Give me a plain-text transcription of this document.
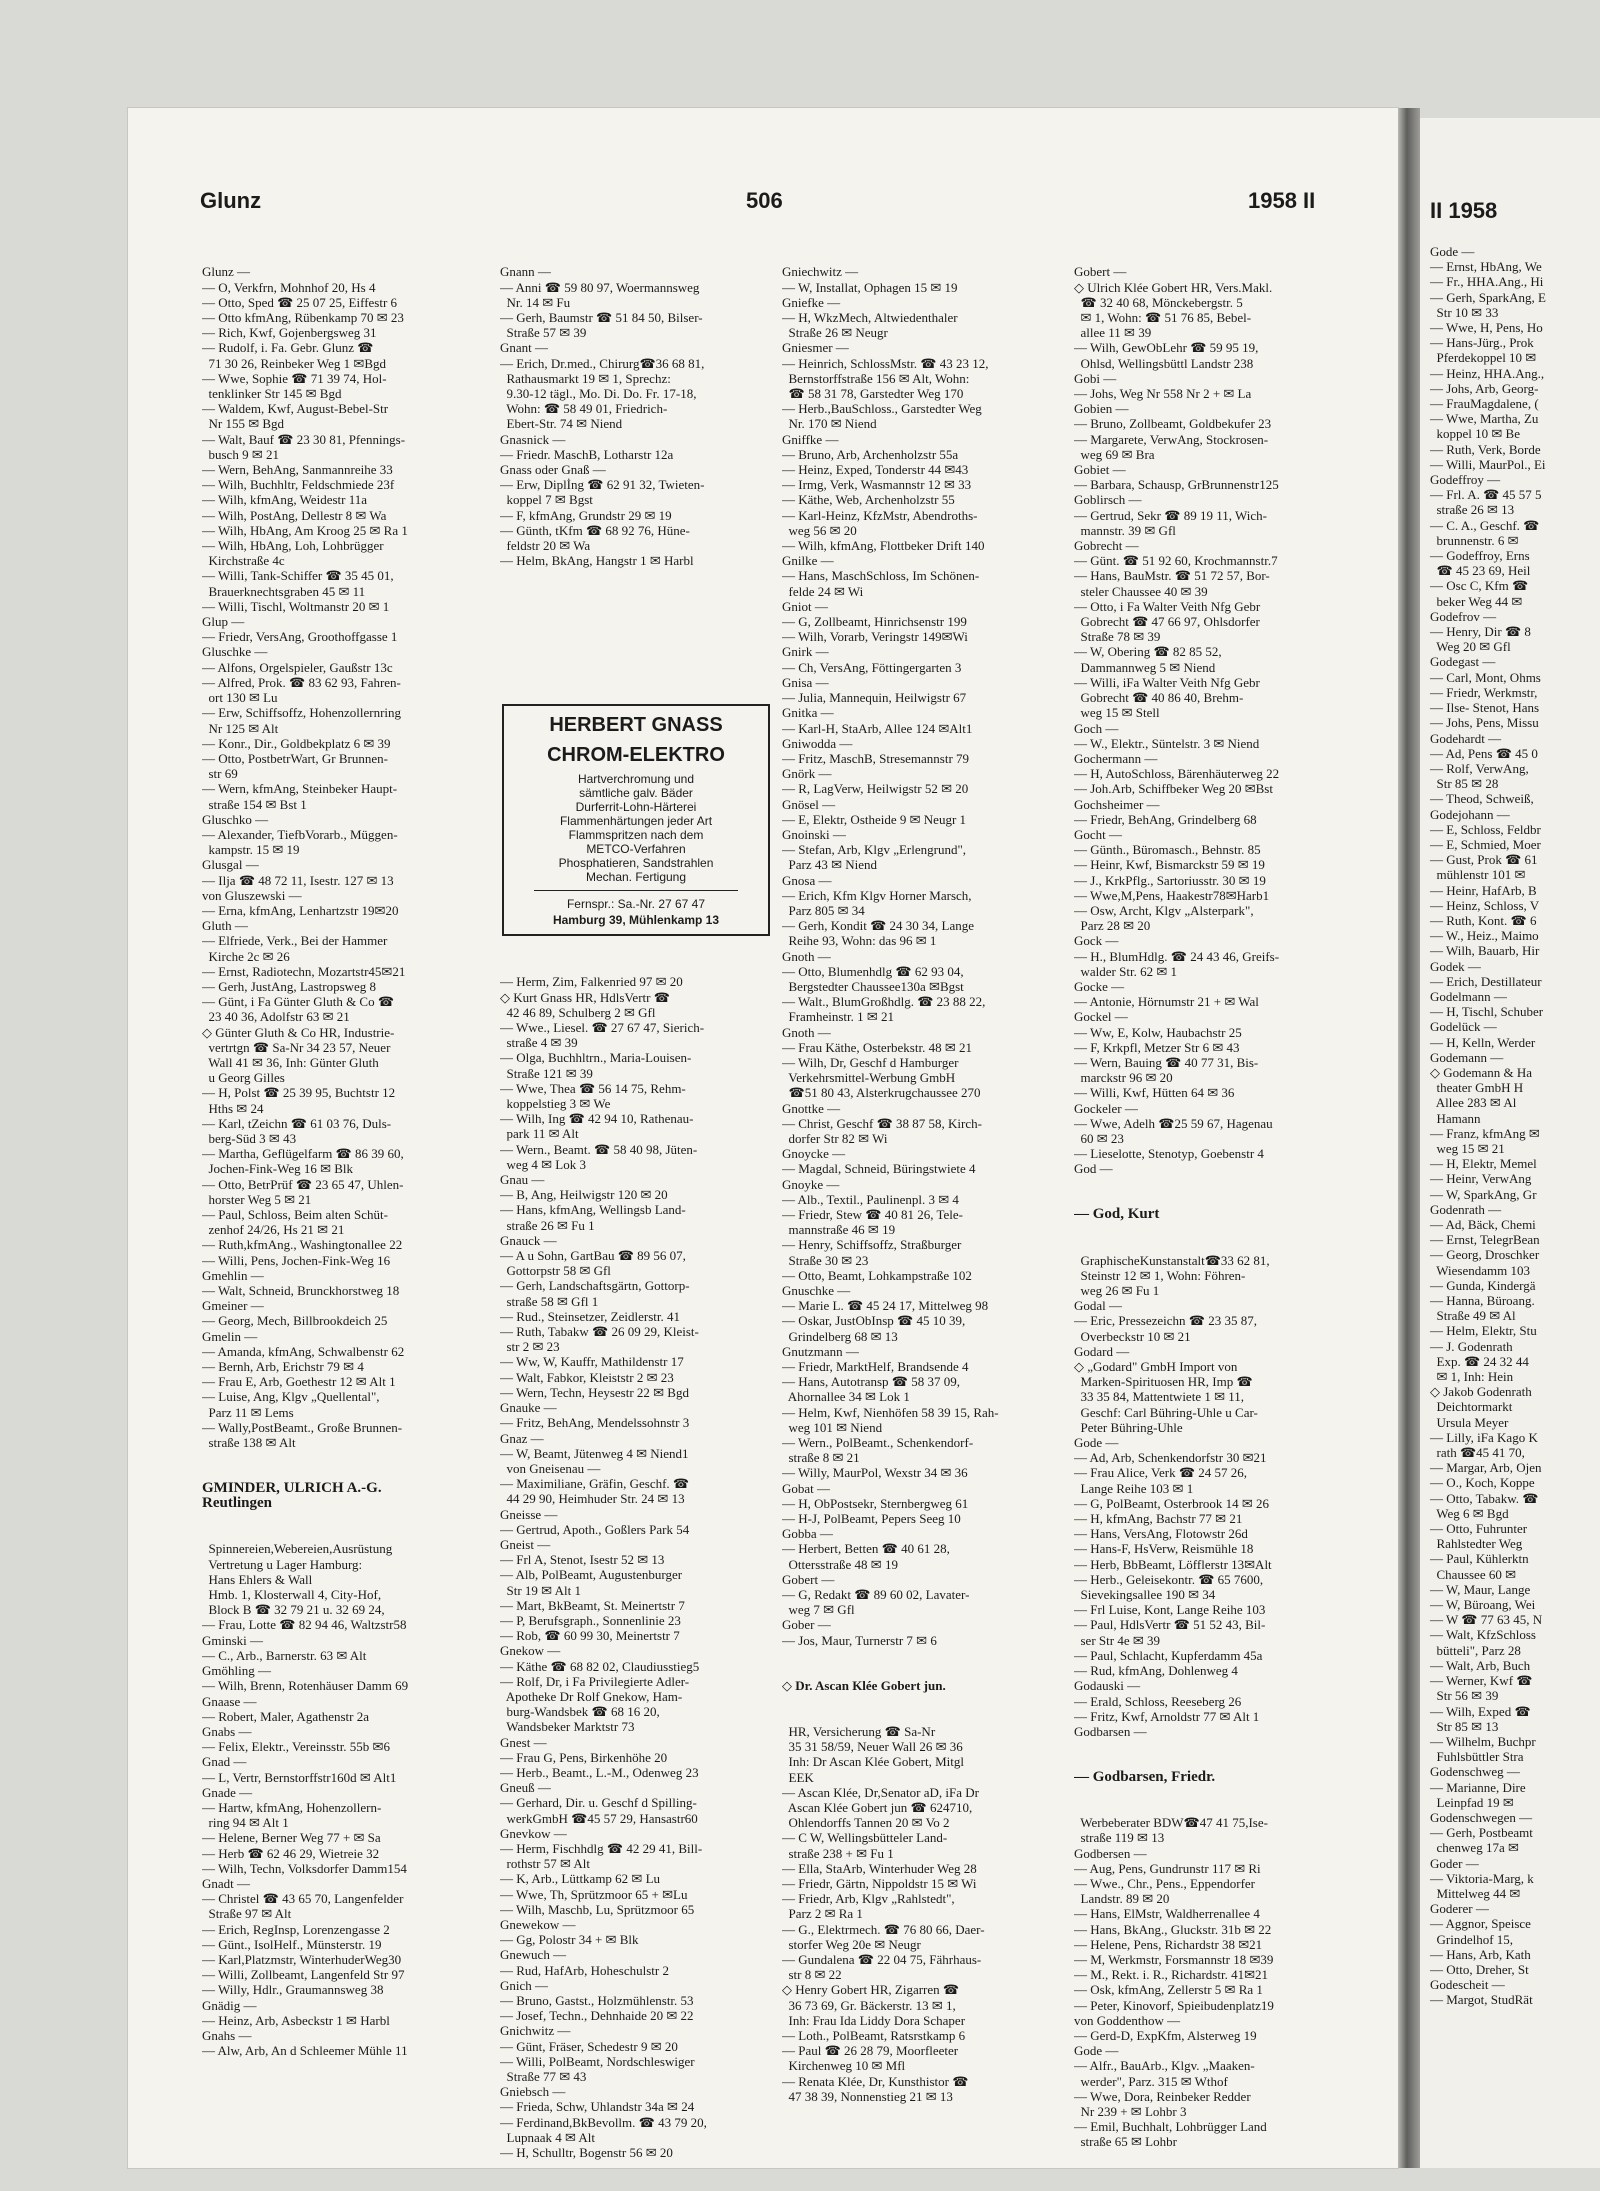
Glunz	506	1958 II

Glunz —
— O, Verkfrn, Mohnhof 20, Hs 4
— Otto, Sped ☎ 25 07 25, Eiffestr 6
— Otto kfmAng, Rübenkamp 70 ✉ 23
— Rich, Kwf, Gojenbergsweg 31
— Rudolf, i. Fa. Gebr. Glunz ☎
71 30 26, Reinbeker Weg 1 ✉Bgd
— Wwe, Sophie ☎ 71 39 74, Hol-
tenklinker Str 145 ✉ Bgd
— Waldem, Kwf, August-Bebel-Str
Nr 155 ✉ Bgd
— Walt, Bauf ☎ 23 30 81, Pfennings-
busch 9 ✉ 21
— Wern, BehAng, Sanmannreihe 33
— Wilh, Buchhltr, Feldschmiede 23f
— Wilh, kfmAng, Weidestr 11a
— Wilh, PostAng, Dellestr 8 ✉ Wa
— Wilh, HbAng, Am Kroog 25 ✉ Ra 1
— Wilh, HbAng, Loh, Lohbrügger
Kirchstraße 4c
— Willi, Tank-Schiffer ☎ 35 45 01,
Brauerknechtsgraben 45 ✉ 11
— Willi, Tischl, Woltmanstr 20 ✉ 1
Glup —
— Friedr, VersAng, Groothoffgasse 1
Gluschke —
— Alfons, Orgelspieler, Gaußstr 13c
— Alfred, Prok. ☎ 83 62 93, Fahren-
ort 130 ✉ Lu
— Erw, Schiffsoffz, Hohenzollernring
Nr 125 ✉ Alt
— Konr., Dir., Goldbekplatz 6 ✉ 39
— Otto, PostbetrWart, Gr Brunnen-
str 69
— Wern, kfmAng, Steinbeker Haupt-
straße 154 ✉ Bst 1
Gluschko —
— Alexander, TiefbVorarb., Müggen-
kampstr. 15 ✉ 19
Glusgal —
— Ilja ☎ 48 72 11, Isestr. 127 ✉ 13
von Gluszewski —
— Erna, kfmAng, Lenhartzstr 19✉20
Gluth —
— Elfriede, Verk., Bei der Hammer
Kirche 2c ✉ 26
— Ernst, Radiotechn, Mozartstr45✉21
— Gerh, JustAng, Lastropsweg 8
— Günt, i Fa Günter Gluth & Co ☎
23 40 36, Adolfstr 63 ✉ 21
◇ Günter Gluth & Co HR, Industrie-
vertrtgn ☎ Sa-Nr 34 23 57, Neuer
Wall 41 ✉ 36, Inh: Günter Gluth
u Georg Gilles
— H, Polst ☎ 25 39 95, Buchtstr 12
Hths ✉ 24
— Karl, tZeichn ☎ 61 03 76, Duls-
berg-Süd 3 ✉ 43
— Martha, Geflügelfarm ☎ 86 39 60,
Jochen-Fink-Weg 16 ✉ Blk
— Otto, BetrPrüf ☎ 23 65 47, Uhlen-
horster Weg 5 ✉ 21
— Paul, Schloss, Beim alten Schüt-
zenhof 24/26, Hs 21 ✉ 21
— Ruth,kfmAng., Washingtonallee 22
— Willi, Pens, Jochen-Fink-Weg 16
Gmehlin —
— Walt, Schneid, Brunckhorstweg 18
Gmeiner —
— Georg, Mech, Billbrookdeich 25
Gmelin —
— Amanda, kfmAng, Schwalbenstr 62
— Bernh, Arb, Erichstr 79 ✉ 4
— Frau E, Arb, Goethestr 12 ✉ Alt 1
— Luise, Ang, Klgv „Quellental",
Parz 11 ✉ Lems
— Wally,PostBeamt., Große Brunnen-
straße 138 ✉ Alt

GMINDER, ULRICH A.-G.
Reutlingen

Spinnereien,Webereien,Ausrüstung
Vertretung u Lager Hamburg:
Hans Ehlers & Wall
Hmb. 1, Klosterwall 4, City-Hof,
Block B ☎ 32 79 21 u. 32 69 24,
— Frau, Lotte ☎ 82 94 46, Waltzstr58
Gminski —
— C., Arb., Barnerstr. 63 ✉ Alt
Gmöhling —
— Wilh, Brenn, Rotenhäuser Damm 69
Gnaase —
— Robert, Maler, Agathenstr 2a
Gnabs —
— Felix, Elektr., Vereinsstr. 55b ✉6
Gnad —
— L, Vertr, Bernstorffstr160d ✉ Alt1
Gnade —
— Hartw, kfmAng, Hohenzollern-
ring 94 ✉ Alt 1
— Helene, Berner Weg 77 + ✉ Sa
— Herb ☎ 62 46 29, Wietreie 32
— Wilh, Techn, Volksdorfer Damm154
Gnadt —
— Christel ☎ 43 65 70, Langenfelder
Straße 97 ✉ Alt
— Erich, RegInsp, Lorenzengasse 2
— Günt., IsolHelf., Münsterstr. 19
— Karl,Platzmstr, WinterhuderWeg30
— Willi, Zollbeamt, Langenfeld Str 97
— Willy, Hdlr., Graumannsweg 38
Gnädig —
— Heinz, Arb, Asbeckstr 1 ✉ Harbl
Gnahs —
— Alw, Arb, An d Schleemer Mühle 11

Gnann —
— Anni ☎ 59 80 97, Woermannsweg
Nr. 14 ✉ Fu
— Gerh, Baumstr ☎ 51 84 50, Bilser-
Straße 57 ✉ 39
Gnant —
— Erich, Dr.med., Chirurg☎36 68 81,
Rathausmarkt 19 ✉ 1, Sprechz:
9.30-12 tägl., Mo. Di. Do. Fr. 17-18,
Wohn: ☎ 58 49 01, Friedrich-
Ebert-Str. 74 ✉ Niend
Gnasnick —
— Friedr. MaschB, Lotharstr 12a
Gnass oder Gnaß —
— Erw, Diplİng ☎ 62 91 32, Twieten-
koppel 7 ✉ Bgst
— F, kfmAng, Grundstr 29 ✉ 19
— Günth, tKfm ☎ 68 92 76, Hüne-
feldstr 20 ✉ Wa
— Helm, BkAng, Hangstr 1 ✉ Harbl

HERBERT GNASS
CHROM-ELEKTRO
Hartverchromung und
sämtliche galv. Bäder
Durferrit-Lohn-Härterei
Flammenhärtungen jeder Art
Flammspritzen nach dem
METCO-Verfahren
Phosphatieren, Sandstrahlen
Mechan. Fertigung
Fernspr.: Sa.-Nr. 27 67 47
Hamburg 39, Mühlenkamp 13

— Herm, Zim, Falkenried 97 ✉ 20
◇ Kurt Gnass HR, HdlsVertr ☎
42 46 89, Schulberg 2 ✉ Gfl
— Wwe., Liesel. ☎ 27 67 47, Sierich-
straße 4 ✉ 39
— Olga, Buchhltrn., Maria-Louisen-
Straße 121 ✉ 39
— Wwe, Thea ☎ 56 14 75, Rehm-
koppelstieg 3 ✉ We
— Wilh, Ing ☎ 42 94 10, Rathenau-
park 11 ✉ Alt
— Wern., Beamt. ☎ 58 40 98, Jüten-
weg 4 ✉ Lok 3
Gnau —
— B, Ang, Heilwigstr 120 ✉ 20
— Hans, kfmAng, Wellingsb Land-
straße 26 ✉ Fu 1
Gnauck —
— A u Sohn, GartBau ☎ 89 56 07,
Gottorpstr 58 ✉ Gfl
— Gerh, Landschaftsgärtn, Gottorp-
straße 58 ✉ Gfl 1
— Rud., Steinsetzer, Zeidlerstr. 41
— Ruth, Tabakw ☎ 26 09 29, Kleist-
str 2 ✉ 23
— Ww, W, Kauffr, Mathildenstr 17
— Walt, Fabkor, Kleiststr 2 ✉ 23
— Wern, Techn, Heysestr 22 ✉ Bgd
Gnauke —
— Fritz, BehAng, Mendelssohnstr 3
Gnaz —
— W, Beamt, Jütenweg 4 ✉ Niend1
von Gneisenau —
— Maximiliane, Gräfin, Geschf. ☎
44 29 90, Heimhuder Str. 24 ✉ 13
Gneisse —
— Gertrud, Apoth., Goßlers Park 54
Gneist —
— Frl A, Stenot, Isestr 52 ✉ 13
— Alb, PolBeamt, Augustenburger
Str 19 ✉ Alt 1
— Mart, BkBeamt, St. Meinertstr 7
— P, Berufsgraph., Sonnenlinie 23
— Rob, ☎ 60 99 30, Meinertstr 7
Gnekow —
— Käthe ☎ 68 82 02, Claudiusstieg5
— Rolf, Dr, i Fa Privilegierte Adler-
Apotheke Dr Rolf Gnekow, Ham-
burg-Wandsbek ☎ 68 16 20,
Wandsbeker Marktstr 73
Gnest —
— Frau G, Pens, Birkenhöhe 20
— Herb., Beamt., L.-M., Odenweg 23
Gneuß —
— Gerhard, Dir. u. Geschf d Spilling-
werkGmbH ☎45 57 29, Hansastr60
Gnevkow —
— Herm, Fischhdlg ☎ 42 29 41, Bill-
rothstr 57 ✉ Alt
— K, Arb., Lüttkamp 62 ✉ Lu
— Wwe, Th, Sprützmoor 65 + ✉Lu
— Wilh, Maschb, Lu, Sprützmoor 65
Gnewekow —
— Gg, Polostr 34 + ✉ Blk
Gnewuch —
— Rud, HafArb, Hoheschulstr 2
Gnich —
— Bruno, Gastst., Holzmühlenstr. 53
— Josef, Techn., Dehnhaide 20 ✉ 22
Gnichwitz —
— Günt, Fräser, Schedestr 9 ✉ 20
— Willi, PolBeamt, Nordschleswiger
Straße 77 ✉ 43
Gniebsch —
— Frieda, Schw, Uhlandstr 34a ✉ 24
— Ferdinand,BkBevollm. ☎ 43 79 20,
Lupnaak 4 ✉ Alt
— H, Schulltr, Bogenstr 56 ✉ 20

Gniechwitz —
— W, Installat, Ophagen 15 ✉ 19
Gniefke —
— H, WkzMech, Altwiedenthaler
Straße 26 ✉ Neugr
Gniesmer —
— Heinrich, SchlossMstr. ☎ 43 23 12,
Bernstorffstraße 156 ✉ Alt, Wohn:
☎ 58 31 78, Garstedter Weg 170
— Herb.,BauSchloss., Garstedter Weg
Nr. 170 ✉ Niend
Gniffke —
— Bruno, Arb, Archenholzstr 55a
— Heinz, Exped, Tonderstr 44 ✉43
— Irmg, Verk, Wasmannstr 12 ✉ 33
— Käthe, Web, Archenholzstr 55
— Karl-Heinz, KfzMstr, Abendroths-
weg 56 ✉ 20
— Wilh, kfmAng, Flottbeker Drift 140
Gnilke —
— Hans, MaschSchloss, Im Schönen-
felde 24 ✉ Wi
Gniot —
— G, Zollbeamt, Hinrichsenstr 199
— Wilh, Vorarb, Veringstr 149✉Wi
Gnirk —
— Ch, VersAng, Föttingergarten 3
Gnisa —
— Julia, Mannequin, Heilwigstr 67
Gnitka —
— Karl-H, StaArb, Allee 124 ✉Alt1
Gniwodda —
— Fritz, MaschB, Stresemannstr 79
Gnörk —
— R, LagVerw, Heilwigstr 52 ✉ 20
Gnösel —
— E, Elektr, Ostheide 9 ✉ Neugr 1
Gnoinski —
— Stefan, Arb, Klgv „Erlengrund",
Parz 43 ✉ Niend
Gnosa —
— Erich, Kfm Klgv Horner Marsch,
Parz 805 ✉ 34
— Gerh, Kondit ☎ 24 30 34, Lange
Reihe 93, Wohn: das 96 ✉ 1
Gnoth —
— Otto, Blumenhdlg ☎ 62 93 04,
Bergstedter Chaussee130a ✉Bgst
— Walt., BlumGroßhdlg. ☎ 23 88 22,
Framheinstr. 1 ✉ 21
Gnoth —
— Frau Käthe, Osterbekstr. 48 ✉ 21
— Wilh, Dr, Geschf d Hamburger
Verkehrsmittel-Werbung GmbH
☎51 80 43, Alsterkrugchaussee 270
Gnottke —
— Christ, Geschf ☎ 38 87 58, Kirch-
dorfer Str 82 ✉ Wi
Gnoycke —
— Magdal, Schneid, Büringstwiete 4
Gnoyke —
— Alb., Textil., Paulinenpl. 3 ✉ 4
— Friedr, Stew ☎ 40 81 26, Tele-
mannstraße 46 ✉ 19
— Henry, Schiffsoffz, Straßburger
Straße 30 ✉ 23
— Otto, Beamt, Lohkampstraße 102
Gnuschke —
— Marie L. ☎ 45 24 17, Mittelweg 98
— Oskar, JustObInsp ☎ 45 10 39,
Grindelberg 68 ✉ 13
Gnutzmann —
— Friedr, MarktHelf, Brandsende 4
— Hans, Autotransp ☎ 58 37 09,
Ahornallee 34 ✉ Lok 1
— Helm, Kwf, Nienhöfen 58 39 15, Rah-
weg 101 ✉ Niend
— Wern., PolBeamt., Schenkendorf-
straße 8 ✉ 21
— Willy, MaurPol, Wexstr 34 ✉ 36
Gobat —
— H, ObPostsekr, Sternbergweg 61
— H-J, PolBeamt, Pepers Seeg 10
Gobba —
— Herbert, Betten ☎ 40 61 28,
Ottersstraße 48 ✉ 19
Gobert —
— G, Redakt ☎ 89 60 02, Lavater-
weg 7 ✉ Gfl
Gober —
— Jos, Maur, Turnerstr 7 ✉ 6

◇ Dr. Ascan Klée Gobert jun.

HR, Versicherung ☎ Sa-Nr
35 31 58/59, Neuer Wall 26 ✉ 36
Inh: Dr Ascan Klée Gobert, Mitgl
EEK
— Ascan Klée, Dr,Senator aD, iFa Dr
Ascan Klée Gobert jun ☎ 624710,
Ohlendorffs Tannen 20 ✉ Vo 2
— C W, Wellingsbütteler Land-
straße 238 + ✉ Fu 1
— Ella, StaArb, Winterhuder Weg 28
— Friedr, Gärtn, Nippoldstr 15 ✉ Wi
— Friedr, Arb, Klgv „Rahlstedt",
Parz 2 ✉ Ra 1
— G., Elektrmech. ☎ 76 80 66, Daer-
storfer Weg 20e ✉ Neugr
— Gundalena ☎ 22 04 75, Fährhaus-
str 8 ✉ 22
◇ Henry Gobert HR, Zigarren ☎
36 73 69, Gr. Bäckerstr. 13 ✉ 1,
Inh: Frau Ida Liddy Dora Schaper
— Loth., PolBeamt, Ratsrstkamp 6
— Paul ☎ 26 28 79, Moorfleeter
Kirchenweg 10 ✉ Mfl
— Renata Klée, Dr, Kunsthistor ☎
47 38 39, Nonnenstieg 21 ✉ 13

Gobert —
◇ Ulrich Klée Gobert HR, Vers.Makl.
☎ 32 40 68, Mönckebergstr. 5
✉ 1, Wohn: ☎ 51 76 85, Bebel-
allee 11 ✉ 39
— Wilh, GewObLehr ☎ 59 95 19,
Ohlsd, Wellingsbüttl Landstr 238
Gobi —
— Johs, Weg Nr 558 Nr 2 + ✉ La
Gobien —
— Bruno, Zollbeamt, Goldbekufer 23
— Margarete, VerwAng, Stockrosen-
weg 69 ✉ Bra
Gobiet —
— Barbara, Schausp, GrBrunnenstr125
Goblirsch —
— Gertrud, Sekr ☎ 89 19 11, Wich-
mannstr. 39 ✉ Gfl
Gobrecht —
— Günt. ☎ 51 92 60, Krochmannstr.7
— Hans, BauMstr. ☎ 51 72 57, Bor-
steler Chaussee 40 ✉ 39
— Otto, i Fa Walter Veith Nfg Gebr
Gobrecht ☎ 47 66 97, Ohlsdorfer
Straße 78 ✉ 39
— W, Obering ☎ 82 85 52,
Dammannweg 5 ✉ Niend
— Willi, iFa Walter Veith Nfg Gebr
Gobrecht ☎ 40 86 40, Brehm-
weg 15 ✉ Stell
Goch —
— W., Elektr., Süntelstr. 3 ✉ Niend
Gochermann —
— H, AutoSchloss, Bärenhäuterweg 22
— Joh.Arb, Schiffbeker Weg 20 ✉Bst
Gochsheimer —
— Friedr, BehAng, Grindelberg 68
Gocht —
— Günth., Büromasch., Behnstr. 85
— Heinr, Kwf, Bismarckstr 59 ✉ 19
— J., KrkPflg., Sartoriusstr. 30 ✉ 19
— Wwe,M,Pens, Haakestr78✉Harb1
— Osw, Archt, Klgv „Alsterpark",
Parz 28 ✉ 20
Gock —
— H., BlumHdlg. ☎ 24 43 46, Greifs-
walder Str. 62 ✉ 1
Gocke —
— Antonie, Hörnumstr 21 + ✉ Wal
Gockel —
— Ww, E, Kolw, Haubachstr 25
— F, Krkpfl, Metzer Str 6 ✉ 43
— Wern, Bauing ☎ 40 77 31, Bis-
marckstr 96 ✉ 20
— Willi, Kwf, Hütten 64 ✉ 36
Gockeler —
— Wwe, Adelh ☎25 59 67, Hagenau
60 ✉ 23
— Lieselotte, Stenotyp, Goebenstr 4
God —

— God, Kurt

GraphischeKunstanstalt☎33 62 81,
Steinstr 12 ✉ 1, Wohn: Föhren-
weg 26 ✉ Fu 1
Godal —
— Eric, Pressezeichn ☎ 23 35 87,
Overbeckstr 10 ✉ 21
Godard —
◇ „Godard" GmbH Import von
Marken-Spirituosen HR, Imp ☎
33 35 84, Mattentwiete 1 ✉ 11,
Geschf: Carl Bühring-Uhle u Car-
Peter Bühring-Uhle
Gode —
— Ad, Arb, Schenkendorfstr 30 ✉21
— Frau Alice, Verk ☎ 24 57 26,
Lange Reihe 103 ✉ 1
— G, PolBeamt, Osterbrook 14 ✉ 26
— H, kfmAng, Bachstr 77 ✉ 21
— Hans, VersAng, Flotowstr 26d
— Hans-F, HsVerw, Reismühle 18
— Herb, BbBeamt, Löfflerstr 13✉Alt
— Herb., Geleisekontr. ☎ 65 7600,
Sievekingsallee 190 ✉ 34
— Frl Luise, Kont, Lange Reihe 103
— Paul, HdlsVertr ☎ 51 52 43, Bil-
ser Str 4e ✉ 39
— Paul, Schlacht, Kupferdamm 45a
— Rud, kfmAng, Dohlenweg 4
Godauski —
— Erald, Schloss, Reeseberg 26
— Fritz, Kwf, Arnoldstr 77 ✉ Alt 1
Godbarsen —

— Godbarsen, Friedr.

Werbeberater BDW☎47 41 75,Ise-
straße 119 ✉ 13
Godbersen —
— Aug, Pens, Gundrunstr 117 ✉ Ri
— Wwe., Chr., Pens., Eppendorfer
Landstr. 89 ✉ 20
— Hans, ElMstr, Waldherrenallee 4
— Hans, BkAng., Gluckstr. 31b ✉ 22
— Helene, Pens, Richardstr 38 ✉21
— M, Werkmstr, Forsmannstr 18 ✉39
— M., Rekt. i. R., Richardstr. 41✉21
— Osk, kfmAng, Zellerstr 5 ✉ Ra 1
— Peter, Kinovorf, Spieibudenplatz19
von Goddenthow —
— Gerd-D, ExpKfm, Alsterweg 19
Gode —
— Alfr., BauArb., Klgv. „Maaken-
werder", Parz. 315 ✉ Wthof
— Wwe, Dora, Reinbeker Redder
Nr 239 + ✉ Lohbr 3
— Emil, Buchhalt, Lohbrügger Land
straße 65 ✉ Lohbr

II 1958
Gode —
— Ernst, HbAng, We
— Fr., HHA.Ang., Hi
— Gerh, SparkAng, E
Str 10 ✉ 33
— Wwe, H, Pens, Ho
— Hans-Jürg., Prok
Pferdekoppel 10 ✉
— Heinz, HHA.Ang.,
— Johs, Arb, Georg-
— FrauMagdalene, (
— Wwe, Martha, Zu
koppel 10 ✉ Be
— Ruth, Verk, Borde
— Willi, MaurPol., Ei
Godeffroy —
— Frl. A. ☎ 45 57 5
straße 26 ✉ 13
— C. A., Geschf. ☎
brunnenstr. 6 ✉
— Godeffroy, Erns
☎ 45 23 69, Heil
— Osc C, Kfm ☎
beker Weg 44 ✉
Godefrov —
— Henry, Dir ☎ 8
Weg 20 ✉ Gfl
Godegast —
— Carl, Mont, Ohms
— Friedr, Werkmstr,
— Ilse- Stenot, Hans
— Johs, Pens, Missu
Godehardt —
— Ad, Pens ☎ 45 0
— Rolf, VerwAng,
Str 85 ✉ 28
— Theod, Schweiß,
Godejohann —
— E, Schloss, Feldbr
— E, Schmied, Moer
— Gust, Prok ☎ 61
mühlenstr 101 ✉
— Heinr, HafArb, B
— Heinz, Schloss, V
— Ruth, Kont. ☎ 6
— W., Heiz., Maimo
— Wilh, Bauarb, Hir
Godek —
— Erich, Destillateur
Godelmann —
— H, Tischl, Schuber
Godelück —
— H, Kelln, Werder
Godemann —
◇ Godemann & Ha
theater GmbH H
Allee 283 ✉ Al
Hamann
— Franz, kfmAng ✉
weg 15 ✉ 21
— H, Elektr, Memel
— Heinr, VerwAng
— W, SparkAng, Gr
Godenrath —
— Ad, Bäck, Chemi
— Ernst, TelegrBean
— Georg, Droschker
Wiesendamm 103
— Gunda, Kindergä
— Hanna, Büroang.
Straße 49 ✉ Al
— Helm, Elektr, Stu
— J. Godenrath
Exp. ☎ 24 32 44
✉ 1, Inh: Hein
◇ Jakob Godenrath
Deichtormarkt
Ursula Meyer
— Lilly, iFa Kago K
rath ☎45 41 70,
— Margar, Arb, Ojen
— O., Koch, Koppe
— Otto, Tabakw. ☎
Weg 6 ✉ Bgd
— Otto, Fuhrunter
Rahlstedter Weg
— Paul, Kühlerktn
Chaussee 60 ✉
— W, Maur, Lange
— W, Büroang, Wei
— W ☎ 77 63 45, N
— Walt, KfzSchloss
bütteli", Parz 28
— Walt, Arb, Buch
— Werner, Kwf ☎
Str 56 ✉ 39
— Wilh, Exped ☎
Str 85 ✉ 13
— Wilhelm, Buchpr
Fuhlsbüttler Stra
Godenschweg —
— Marianne, Dire
Leinpfad 19 ✉
Godenschwegen —
— Gerh, Postbeamt
chenweg 17a ✉
Goder —
— Viktoria-Marg, k
Mittelweg 44 ✉
Goderer —
— Aggnor, Speisce
Grindelhof 15,
— Hans, Arb, Kath
— Otto, Dreher, St
Godescheit —
— Margot, StudRät
